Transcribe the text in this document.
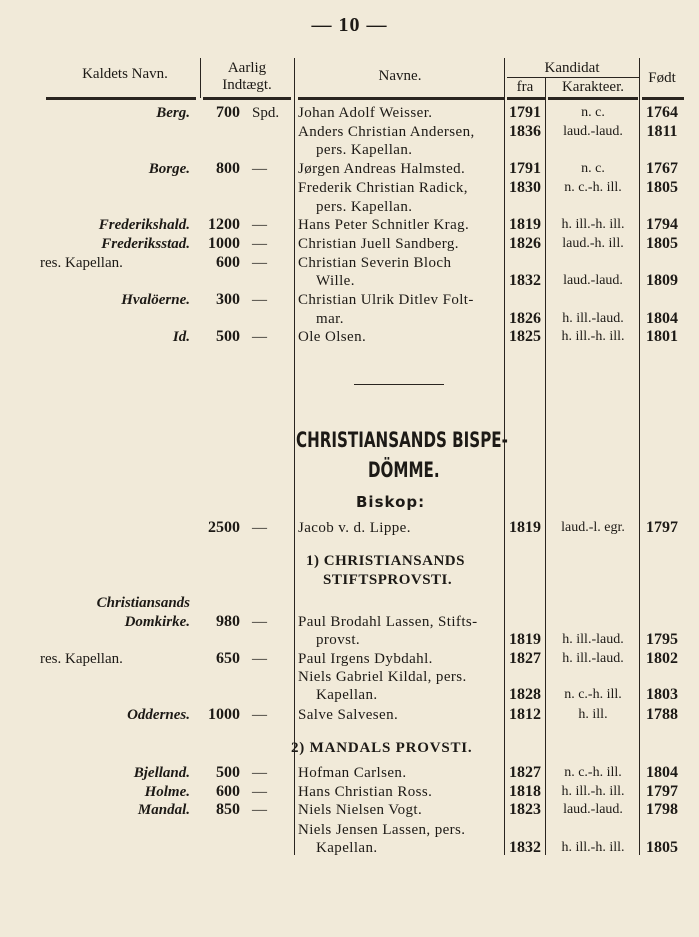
— 10 —
Kaldets Navn.	Aarlig
Indtægt.
Navne.	Kandidat
fra	Karakteer.
Født
Berg. 700 Spd. Johan Adolf Weisser.	1791	n. c.	1764
Anders Christian Andersen, 1836	laud.-laud.	1811
pers. Kapellan.
Borge. 800 — Jørgen Andreas Halmsted.	1791	n. c.	1767
Frederik Christian Radick,	1830	n. c.-h. ill.	1805
pers. Kapellan.
Frederikshald. 1200 — Hans Peter Schnitler Krag. 1819	h. ill.-h. ill.	1794
Frederiksstad. 1000 — Christian Juell Sandberg.	1826	laud.-h. ill.	1805
res. Kapellan.	600 — Christian Severin Bloch
Wille.	1832	laud.-laud.	1809
Hvalöerne. 300 — Christian Ulrik Ditlev Folt-
mar.	1826	h. ill.-laud.	1804
Id. 500 — Ole Olsen.	1825	h. ill.-h. ill.	1801
CHRISTIANSANDS BISPE-
DÖMME.
Biskop:
2500 — Jacob v. d. Lippe.	1819	laud.-l. egr.	1797
1) CHRISTIANSANDS
STIFTSPROVSTI.
Christiansands
Domkirke. 980 — Paul Brodahl Lassen, Stifts-
provst.	1819	h. ill.-laud.	1795
res. Kapellan.	650 — Paul Irgens Dybdahl.	1827	h. ill.-laud.	1802
Niels Gabriel Kildal, pers.
Kapellan.	1828	n. c.-h. ill.	1803
Oddernes. 1000 — Salve Salvesen.	1812	h. ill.	1788
2) MANDALS PROVSTI.
Bjelland. 500 — Hofman Carlsen.	1827	n. c.-h. ill.	1804
Holme. 600 — Hans Christian Ross.	1818	h. ill.-h. ill.	1797
Mandal. 850 — Niels Nielsen Vogt.	1823	laud.-laud.	1798
Niels Jensen Lassen, pers.
Kapellan.	1832	h. ill.-h. ill.	1805
